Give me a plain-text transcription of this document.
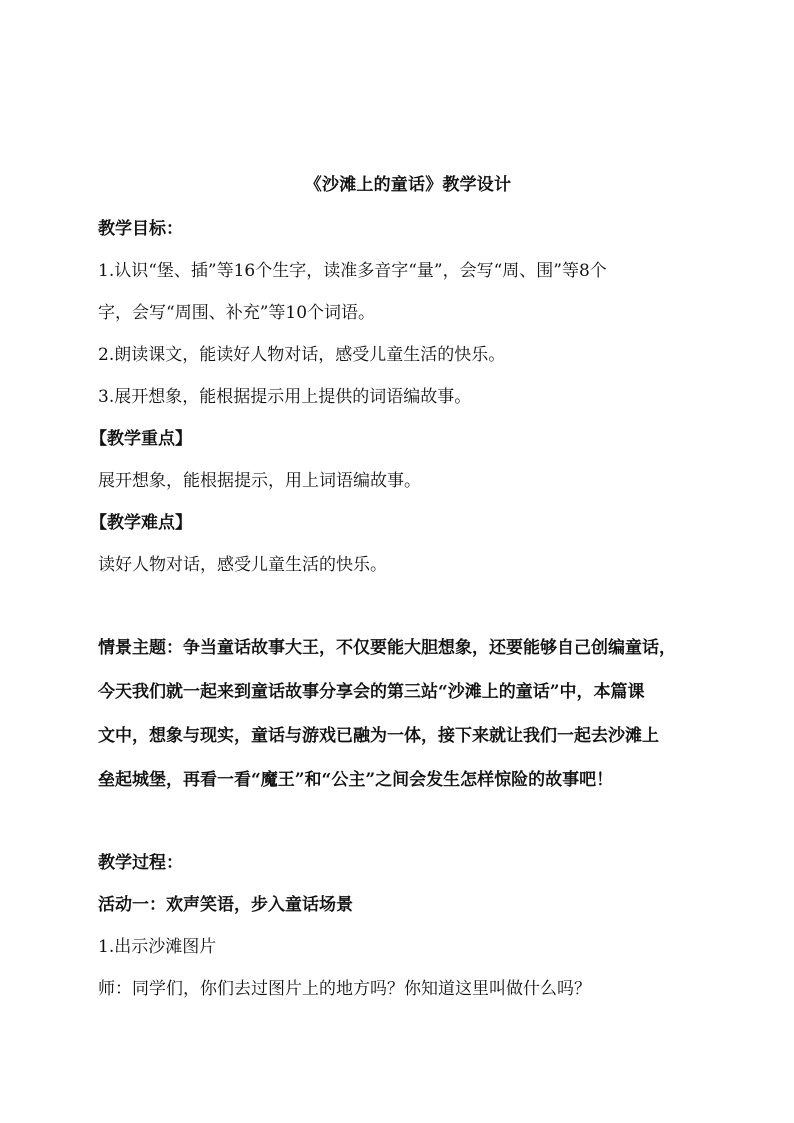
《沙滩上的童话》教学设计

教学目标：

1.认识“堡、插”等16个生字，读准多音字“量”，会写“周、围”等8个

字，会写“周围、补充”等10个词语。

2.朗读课文，能读好人物对话，感受儿童生活的快乐。

3.展开想象，能根据提示用上提供的词语编故事。

【教学重点】

展开想象，能根据提示，用上词语编故事。

【教学难点】

读好人物对话，感受儿童生活的快乐。

情景主题：争当童话故事大王，不仅要能大胆想象，还要能够自己创编童话，
今天我们就一起来到童话故事分享会的第三站“沙滩上的童话”中，本篇课
文中，想象与现实，童话与游戏已融为一体，接下来就让我们一起去沙滩上
垒起城堡，再看一看“魔王”和“公主”之间会发生怎样惊险的故事吧！

教学过程：

活动一：欢声笑语，步入童话场景

1.出示沙滩图片

师：同学们，你们去过图片上的地方吗？你知道这里叫做什么吗？
